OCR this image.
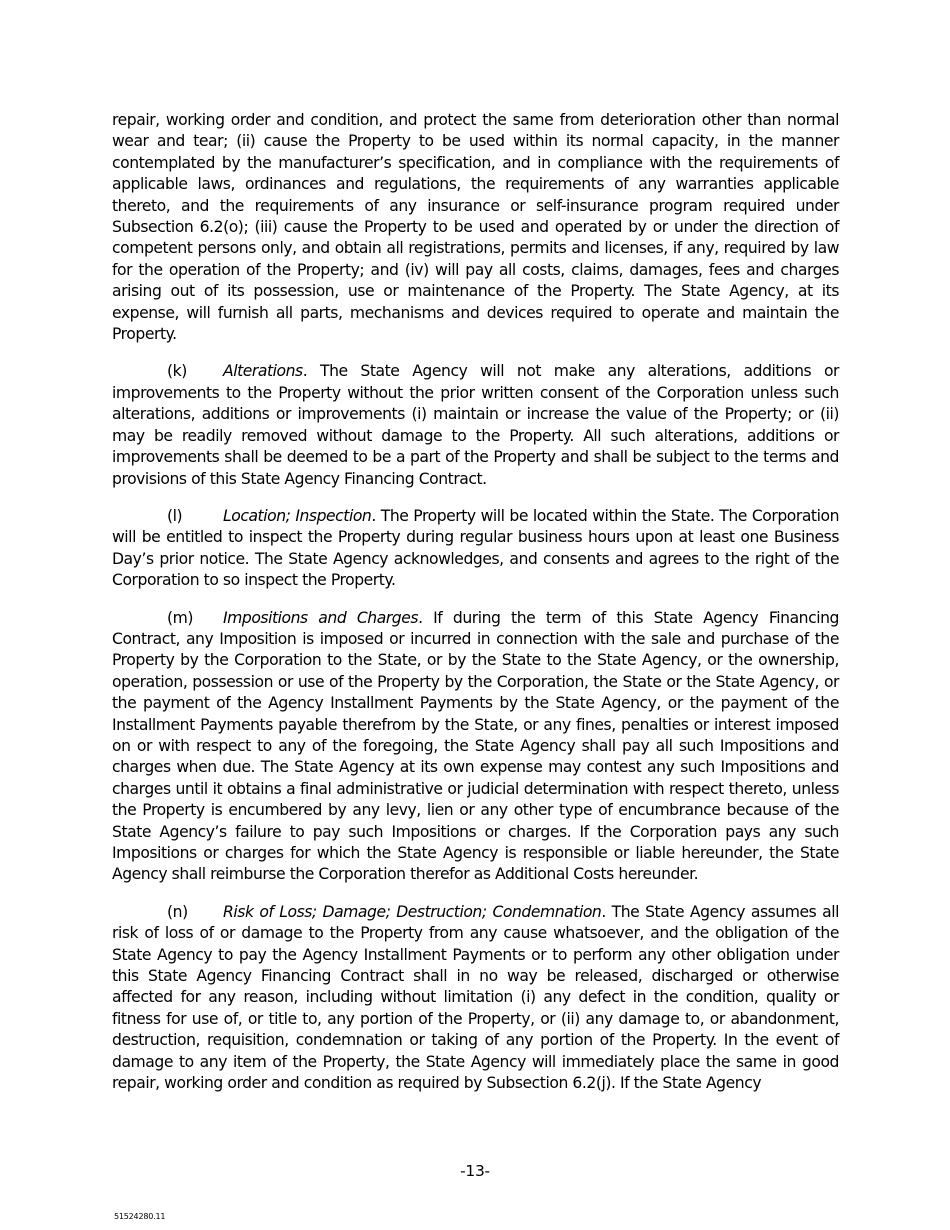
repair, working order and condition, and protect the same from deterioration other than normal wear and tear; (ii) cause the Property to be used within its normal capacity, in the manner contemplated by the manufacturer’s specification, and in compliance with the requirements of applicable laws, ordinances and regulations, the requirements of any warranties applicable thereto, and the requirements of any insurance or self-insurance program required under Subsection 6.2(o); (iii) cause the Property to be used and operated by or under the direction of competent persons only, and obtain all registrations, permits and licenses, if any, required by law for the operation of the Property; and (iv) will pay all costs, claims, damages, fees and charges arising out of its possession, use or maintenance of the Property. The State Agency, at its expense, will furnish all parts, mechanisms and devices required to operate and maintain the Property.

(k) Alterations. The State Agency will not make any alterations, additions or improvements to the Property without the prior written consent of the Corporation unless such alterations, additions or improvements (i) maintain or increase the value of the Property; or (ii) may be readily removed without damage to the Property. All such alterations, additions or improvements shall be deemed to be a part of the Property and shall be subject to the terms and provisions of this State Agency Financing Contract.

(l)	Location; Inspection. The Property will be located within the State. The Corporation will be entitled to inspect the Property during regular business hours upon at least one Business Day’s prior notice. The State Agency acknowledges, and consents and agrees to the right of the Corporation to so inspect the Property.

(m) Impositions and Charges. If during the term of this State Agency Financing Contract, any Imposition is imposed or incurred in connection with the sale and purchase of the Property by the Corporation to the State, or by the State to the State Agency, or the ownership, operation, possession or use of the Property by the Corporation, the State or the State Agency, or the payment of the Agency Installment Payments by the State Agency, or the payment of the Installment Payments payable therefrom by the State, or any fines, penalties or interest imposed on or with respect to any of the foregoing, the State Agency shall pay all such Impositions and charges when due. The State Agency at its own expense may contest any such Impositions and charges until it obtains a final administrative or judicial determination with respect thereto, unless the Property is encumbered by any levy, lien or any other type of encumbrance because of the State Agency’s failure to pay such Impositions or charges. If the Corporation pays any such Impositions or charges for which the State Agency is responsible or liable hereunder, the State Agency shall reimburse the Corporation therefor as Additional Costs hereunder.

(n) Risk of Loss; Damage; Destruction; Condemnation. The State Agency assumes all risk of loss of or damage to the Property from any cause whatsoever, and the obligation of the State Agency to pay the Agency Installment Payments or to perform any other obligation under this State Agency Financing Contract shall in no way be released, discharged or otherwise affected for any reason, including without limitation (i) any defect in the condition, quality or fitness for use of, or title to, any portion of the Property, or (ii) any damage to, or abandonment, destruction, requisition, condemnation or taking of any portion of the Property. In the event of damage to any item of the Property, the State Agency will immediately place the same in good repair, working order and condition as required by Subsection 6.2(j). If the State Agency

-13-
51524280.11
